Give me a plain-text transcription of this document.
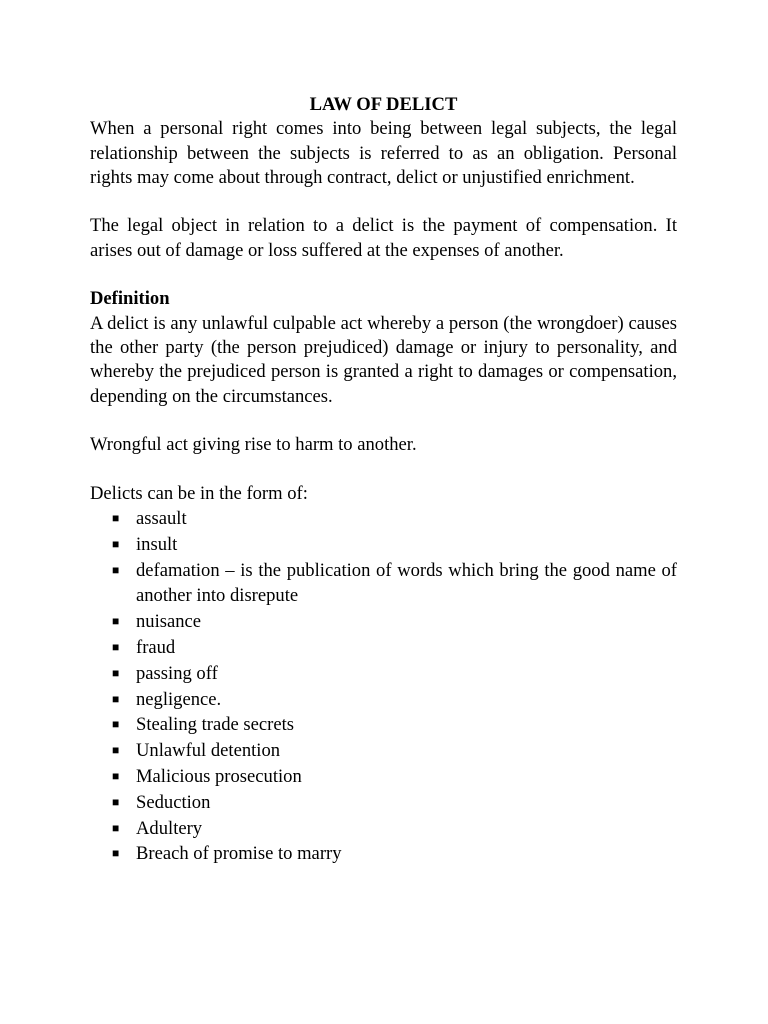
LAW OF DELICT

When a personal right comes into being between legal subjects, the legal relationship between the subjects is referred to as an obligation. Personal rights may come about through contract, delict or unjustified enrichment.

The legal object in relation to a delict is the payment of compensation. It arises out of damage or loss suffered at the expenses of another.

Definition

A delict is any unlawful culpable act whereby a person (the wrongdoer) causes the other party (the person prejudiced) damage or injury to personality, and whereby the prejudiced person is granted a right to damages or compensation, depending on the circumstances.

Wrongful act giving rise to harm to another.

Delicts can be in the form of:

■ assault
■ insult
■ defamation – is the publication of words which bring the good name of another into disrepute
■ nuisance
■ fraud
■ passing off
■ negligence.
■ Stealing trade secrets
■ Unlawful detention
■ Malicious prosecution
■ Seduction
■ Adultery
■ Breach of promise to marry
